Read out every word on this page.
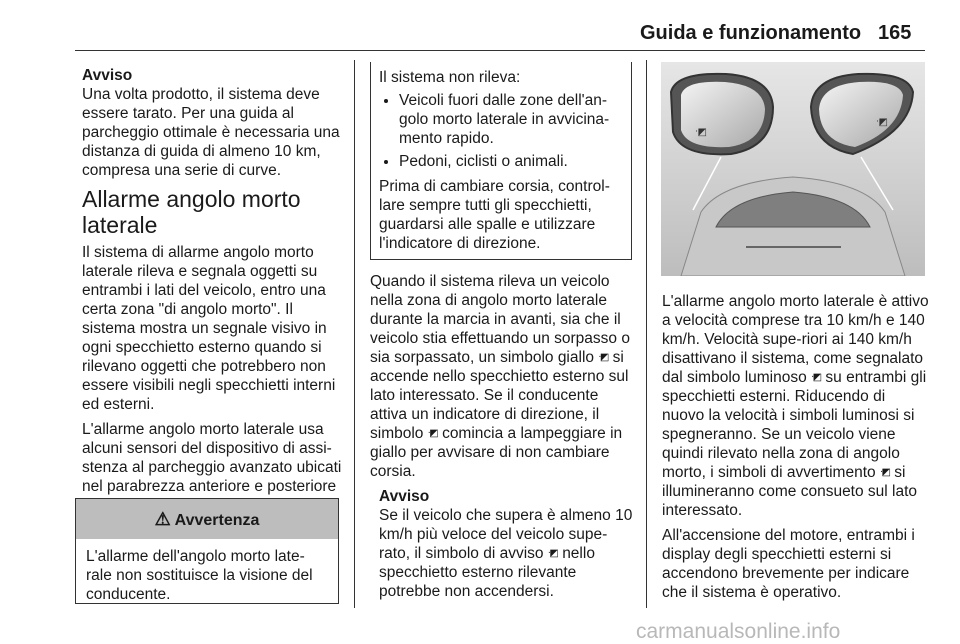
Guida e funzionamento 165
Avviso

Una volta prodotto, il sistema deve essere tarato. Per una guida al parcheggio ottimale è necessaria una distanza di guida di almeno 10 km, compresa una serie di curve.

Allarme angolo morto laterale

Il sistema di allarme angolo morto laterale rileva e segnala oggetti su entrambi i lati del veicolo, entro una certa zona "di angolo morto". Il sistema mostra un segnale visivo in ogni specchietto esterno quando si rilevano oggetti che potrebbero non essere visibili negli specchietti interni ed esterni.

L'allarme angolo morto laterale usa alcuni sensori del dispositivo di assi-stenza al parcheggio avanzato ubicati nel parabrezza anteriore e posteriore

⚠ Avvertenza
L'allarme dell'angolo morto late-rale non sostituisce la visione del conducente.
Il sistema non rileva:
• Veicoli fuori dalle zone dell'an-golo morto laterale in avvicina-mento rapido.
• Pedoni, ciclisti o animali.
Prima di cambiare corsia, control-lare sempre tutti gli specchietti, guardarsi alle spalle e utilizzare l'indicatore di direzione.

Quando il sistema rileva un veicolo nella zona di angolo morto laterale durante la marcia in avanti, sia che il veicolo stia effettuando un sorpasso o sia sorpassato, un simbolo giallo ᐧ◩ si accende nello specchietto esterno sul lato interessato. Se il conducente attiva un indicatore di direzione, il simbolo ᐧ◩ comincia a lampeggiare in giallo per avvisare di non cambiare corsia.

Avviso

Se il veicolo che supera è almeno 10 km/h più veloce del veicolo supe-rato, il simbolo di avviso ᐧ◩ nello specchietto esterno rilevante potrebbe non accendersi.

ᐧ◩
ᐧ◩

L'allarme angolo morto laterale è attivo a velocità comprese tra 10 km/h e 140 km/h. Velocità supe-riori ai 140 km/h disattivano il sistema, come segnalato dal simbolo luminoso ᐧ◩ su entrambi gli specchietti esterni. Riducendo di nuovo la velocità i simboli luminosi si spegneranno. Se un veicolo viene quindi rilevato nella zona di angolo morto, i simboli di avvertimento ᐧ◩ si illumineranno come consueto sul lato interessato.

All'accensione del motore, entrambi i display degli specchietti esterni si accendono brevemente per indicare che il sistema è operativo.

carmanualsonline.info
